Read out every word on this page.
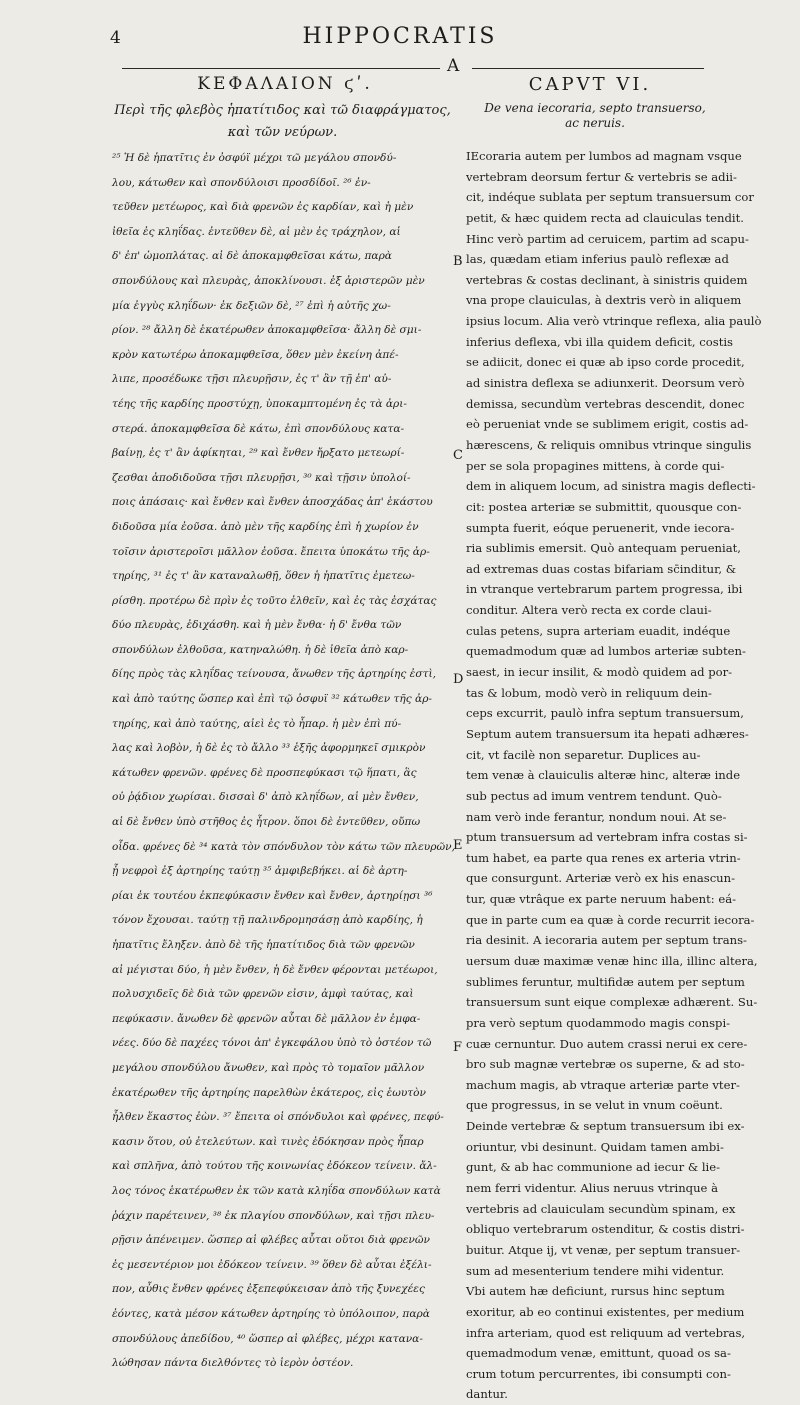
4	HIPPOCRATIS
A
ΚΕΦΑΛΑΙΟΝ ϛʹ.	CAPVT VI.
Περὶ τῆς φλεβὸς ἡπατίτιδος καὶ τῶ διαφράγματος,
καὶ τῶν νεύρων.
De vena iecoraria, septo transuerso,
ac neruis.
²⁵ Ἡ δὲ ἡπατῖτις ἐν ὀσφύϊ μέχρι τῶ μεγάλου σπονδύ-
λου, κάτωθεν καὶ σπονδύλοισι προσδίδοῖ. ²⁶ ἐν-
τεῦθεν μετέωρος, καὶ διὰ φρενῶν ἐς καρδίαν, καὶ ἡ μὲν
ἰθεῖα ἐς κληΐδας. ἐντεῦθεν δὲ, αἱ μὲν ἐς τράχηλον, αἱ
δ' ἐπ' ὠμοπλάτας. αἱ δὲ ἀποκαμφθεῖσαι κάτω, παρὰ
σπονδύλους καὶ πλευρὰς, ἀποκλίνουσι. ἐξ ἀριστερῶν μὲν
μία ἐγγὺς κληΐδων· ἐκ δεξιῶν δὲ, ²⁷ ἐπὶ ἡ αὐτῆς χω-
ρίον. ²⁸ ἄλλη δὲ ἑκατέρωθεν ἀποκαμφθεῖσα· ἄλλη δὲ σμι-
κρὸν κατωτέρω ἀποκαμφθεῖσα, ὅθεν μὲν ἐκείνη ἀπέ-
λιπε, προσέδωκε τῇσι πλευρῇσιν, ἐς τ' ἂν τῇ ἐπ' αὐ-
τέης τῆς καρδίης προστύχῃ, ὑποκαμπτομένη ἐς τὰ ἀρι-
στερά. ἀποκαμφθεῖσα δὲ κάτω, ἐπὶ σπονδύλους κατα-
βαίνῃ, ἐς τ' ἂν ἀφίκηται, ²⁹ καὶ ἔνθεν ἤρξατο μετεωρί-
ζεσθαι ἀποδιδοῦσα τῇσι πλευρῇσι, ³⁰ καὶ τῇσιν ὑπολοί-
ποις ἁπάσαις· καὶ ἔνθεν καὶ ἔνθεν ἀποσχάδας ἀπ' ἑκάστου
διδοῦσα μία ἐοῦσα. ἀπὸ μὲν τῆς καρδίης ἐπὶ ἡ χωρίον ἐν
τοῖσιν ἀριστεροῖσι μᾶλλον ἐοῦσα. ἔπειτα ὑποκάτω τῆς ἀρ-
τηρίης, ³¹ ἐς τ' ἂν καταναλωθῇ, ὅθεν ἡ ἡπατῖτις ἐμετεω-
ρίσθη. προτέρω δὲ πρὶν ἐς τοῦτο ἐλθεῖν, καὶ ἐς τὰς ἐσχάτας
δύο πλευρὰς, ἐδιχάσθη. καὶ ἡ μὲν ἔνθα· ἡ δ' ἔνθα τῶν
σπονδύλων ἐλθοῦσα, κατηναλώθη. ἡ δὲ ἰθεῖα ἀπὸ καρ-
δίης πρὸς τὰς κληΐδας τείνουσα, ἄνωθεν τῆς ἀρτηρίης ἐστὶ,
καὶ ἀπὸ ταύτης ὥσπερ καὶ ἐπὶ τῷ ὀσφυϊ ³² κάτωθεν τῆς ἀρ-
τηρίης, καὶ ἀπὸ ταύτης, αἰεὶ ἐς τὸ ἧπαρ. ἡ μὲν ἐπὶ πύ-
λας καὶ λοβὸν, ἡ δὲ ἐς τὸ ἄλλο ³³ ἑξῆς ἀφορμηκεῖ σμικρὸν
κάτωθεν φρενῶν. φρένες δὲ προσπεφύκασι τῷ ἥπατι, ἃς
οὐ ῥᾴδιον χωρίσαι. δισσαὶ δ' ἀπὸ κληΐδων, αἱ μὲν ἔνθεν,
αἱ δὲ ἔνθεν ὑπὸ στῆθος ἐς ἦτρον. ὅποι δὲ ἐντεῦθεν, οὔπω
οἶδα. φρένες δὲ ³⁴ κατὰ τὸν σπόνδυλον τὸν κάτω τῶν πλευρῶν,
ᾗ νεφροὶ ἐξ ἀρτηρίης ταύτῃ ³⁵ ἀμφιβεβήκει. αἱ δὲ ἀρτη-
ρίαι ἐκ τουτέου ἐκπεφύκασιν ἔνθεν καὶ ἔνθεν, ἀρτηρίῃσι ³⁶
τόνον ἔχουσαι. ταύτῃ τῇ παλινδρομησάσῃ ἀπὸ καρδίης, ἡ
ἡπατῖτις ἔληξεν. ἀπὸ δὲ τῆς ἡπατίτιδος διὰ τῶν φρενῶν
αἱ μέγισται δύο, ἡ μὲν ἔνθεν, ἡ δὲ ἔνθεν φέρονται μετέωροι,
πολυσχιδεῖς δὲ διὰ τῶν φρενῶν εἰσιν, ἀμφὶ ταύτας, καὶ
πεφύκασιν. ἄνωθεν δὲ φρενῶν αὗται δὲ μᾶλλον ἐν ἐμφα-
νέες. δύο δὲ παχέες τόνοι ἀπ' ἐγκεφάλου ὑπὸ τὸ ὀστέον τῶ
μεγάλου σπονδύλου ἄνωθεν, καὶ πρὸς τὸ τομαῖον μᾶλλον
ἑκατέρωθεν τῆς ἀρτηρίης παρελθὼν ἑκάτερος, εἰς ἑωυτὸν
ἦλθεν ἕκαστος ἐὼν. ³⁷ ἔπειτα οἱ σπόνδυλοι καὶ φρένες, πεφύ-
κασιν ὅτου, οὐ ἐτελεύτων. καὶ τινὲς ἐδόκησαν πρὸς ἧπαρ
καὶ σπλῆνα, ἀπὸ τούτου τῆς κοινωνίας ἐδόκεον τείνειν. ἄλ-
λος τόνος ἑκατέρωθεν ἐκ τῶν κατὰ κληΐδα σπονδύλων κατὰ
ῥάχιν παρέτεινεν, ³⁸ ἐκ πλαγίου σπονδύλων, καὶ τῇσι πλευ-
ρῇσιν ἀπένειμεν. ὥσπερ αἱ φλέβες αὗται οὕτοι διὰ φρενῶν
ἐς μεσεντέριον μοι ἐδόκεον τείνειν. ³⁹ ὅθεν δὲ αὗται ἐξέλι-
πον, αὖθις ἔνθεν φρένες ἐξεπεφύκεισαν ἀπὸ τῆς ξυνεχέες
ἐόντες, κατὰ μέσον κάτωθεν ἀρτηρίης τὸ ὑπόλοιπον, παρὰ
σπονδύλους ἀπεδίδου, ⁴⁰ ὥσπερ αἱ φλέβες, μέχρι κατανα-
λώθησαν πάντα διελθόντες τὸ ἱερὸν ὀστέον.
IEcoraria autem per lumbos ad magnam vsque
vertebram deorsum fertur & vertebris se adii-
cit, indéque sublata per septum transuersum cor
petit, & hæc quidem recta ad clauiculas tendit.
Hinc verò partim ad ceruicem, partim ad scapu-
las, quædam etiam inferius paulò reflexæ ad
vertebras & costas declinant, à sinistris quidem
vna prope clauiculas, à dextris verò in aliquem
ipsius locum. Alia verò vtrinque reflexa, alia paulò
inferius deflexa, vbi illa quidem deficit, costis
se adiicit, donec ei quæ ab ipso corde procedit,
ad sinistra deflexa se adiunxerit. Deorsum verò
demissa, secundùm vertebras descendit, donec
eò perueniat vnde se sublimem erigit, costis ad-
hærescens, & reliquis omnibus vtrinque singulis
per se sola propagines mittens, à corde qui-
dem in aliquem locum, ad sinistra magis deflecti-
cit: postea arteriæ se submittit, quousque con-
sumpta fuerit, eóque peruenerit, vnde iecora-
ria sublimis emersit. Quò antequam perueniat,
ad extremas duas costas bifariam sc̄inditur, &
in vtranque vertebrarum partem progressa, ibi
conditur. Altera verò recta ex corde claui-
culas petens, supra arteriam euadit, indéque
quemadmodum quæ ad lumbos arteriæ subten-
saest, in iecur insilit, & modò quidem ad por-
tas & lobum, modò verò in reliquum dein-
ceps excurrit, paulò infra septum transuersum,
Septum autem transuersum ita hepati adhæres-
cit, vt facilè non separetur. Duplices au-
tem venæ à clauiculis alteræ hinc, alteræ inde
sub pectus ad imum ventrem tendunt. Quò-
nam verò inde ferantur, nondum noui. At se-
ptum transuersum ad vertebram infra costas si-
tum habet, ea parte qua renes ex arteria vtrin-
que consurgunt. Arteriæ verò ex his enascun-
tur, quæ vtrâque ex parte neruum habent: eá-
que in parte cum ea quæ à corde recurrit iecora-
ria desinit. A iecoraria autem per septum trans-
uersum duæ maximæ venæ hinc illa, illinc altera,
sublimes feruntur, multifidæ autem per septum
transuersum sunt eique complexæ adhærent. Su-
pra verò septum quodammodo magis conspi-
cuæ cernuntur. Duo autem crassi nerui ex cere-
bro sub magnæ vertebræ os superne, & ad sto-
machum magis, ab vtraque arteriæ parte vter-
que progressus, in se velut in vnum coëunt.
Deinde vertebræ & septum transuersum ibi ex-
oriuntur, vbi desinunt. Quidam tamen ambi-
gunt, & ab hac communione ad iecur & lie-
nem ferri videntur. Alius neruus vtrinque à
vertebris ad clauiculam secundùm spinam, ex
obliquo vertebrarum ostenditur, & costis distri-
buitur. Atque ij, vt venæ, per septum transuer-
sum ad mesenterium tendere mihi videntur.
Vbi autem hæ deficiunt, rursus hinc septum
exoritur, ab eo continui existentes, per medium
infra arteriam, quod est reliquum ad vertebras,
quemadmodum venæ, emittunt, quoad os sa-
crum totum percurrentes, ibi consumpti con-
dantur.
B
C
D
E
F
